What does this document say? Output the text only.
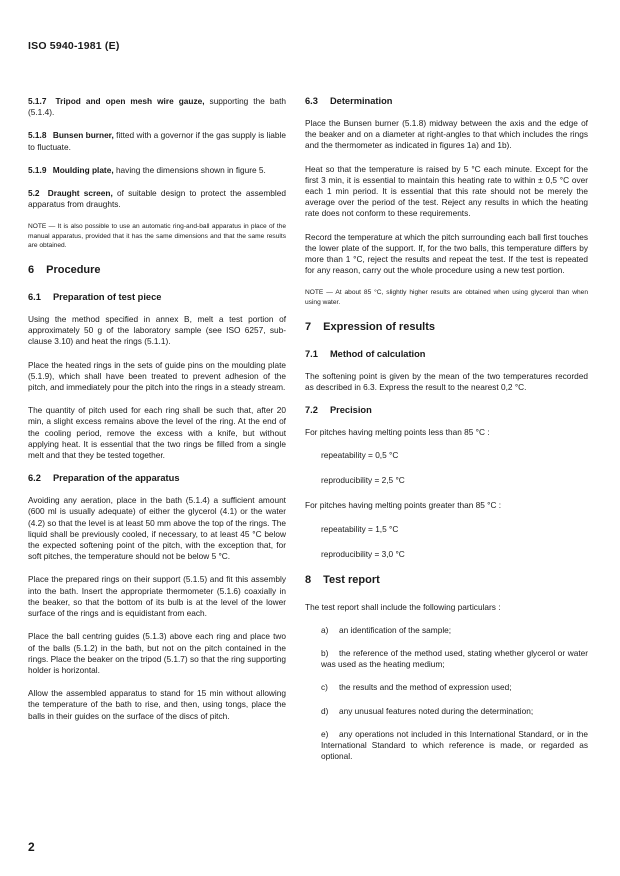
ISO 5940-1981 (E)

5.1.7 Tripod and open mesh wire gauze, supporting the bath (5.1.4).

5.1.8 Bunsen burner, fitted with a governor if the gas supply is liable to fluctuate.

5.1.9 Moulding plate, having the dimensions shown in figure 5.

5.2 Draught screen, of suitable design to protect the assembled apparatus from draughts.

NOTE — It is also possible to use an automatic ring-and-ball apparatus in place of the manual apparatus, provided that it has the same dimensions and that the same results are obtained.

6 Procedure
6.1 Preparation of test piece

Using the method specified in annex B, melt a test portion of approximately 50 g of the laboratory sample (see ISO 6257, sub-clause 3.10) and heat the rings (5.1.1).

Place the heated rings in the sets of guide pins on the moulding plate (5.1.9), which shall have been treated to prevent adhesion of the pitch, and immediately pour the pitch into the rings in a steady stream.

The quantity of pitch used for each ring shall be such that, after 20 min, a slight excess remains above the level of the ring. At the end of the cooling period, remove the excess with a knife, but without applying heat. It is essential that the two rings be filled from a single melt and that they be tested together.

6.2 Preparation of the apparatus

Avoiding any aeration, place in the bath (5.1.4) a sufficient amount (600 ml is usually adequate) of either the glycerol (4.1) or the water (4.2) so that the level is at least 50 mm above the top of the rings. The liquid shall be previously cooled, if necessary, to at least 45 °C below the expected softening point of the pitch, with the exception that, for soft pitches, the temperature should not be below 5 °C.

Place the prepared rings on their support (5.1.5) and fit this assembly into the bath. Insert the appropriate thermometer (5.1.6) coaxially in the beaker, so that the bottom of its bulb is at the level of the lower surface of the rings and is equidistant from each.

Place the ball centring guides (5.1.3) above each ring and place two of the balls (5.1.2) in the bath, but not on the pitch contained in the rings. Place the beaker on the tripod (5.1.7) so that the ring supporting holder is horizontal.

Allow the assembled apparatus to stand for 15 min without allowing the temperature of the bath to rise, and then, using tongs, place the balls in their guides on the surface of the discs of pitch.

6.3 Determination

Place the Bunsen burner (5.1.8) midway between the axis and the edge of the beaker and on a diameter at right-angles to that which includes the rings and the thermometer as indicated in figures 1a) and 1b).

Heat so that the temperature is raised by 5 °C each minute. Except for the first 3 min, it is essential to maintain this heating rate to within ± 0,5 °C over each 1 min period. It is essential that this rate should not be merely the average over the period of the test. Reject any results in which the heating rate does not conform to these requirements.

Record the temperature at which the pitch surrounding each ball first touches the lower plate of the support. If, for the two balls, this temperature differs by more than 1 °C, reject the results and repeat the test. If the test is repeated for any reason, carry out the whole procedure using a new test portion.

NOTE — At about 85 °C, slightly higher results are obtained when using glycerol than when using water.

7 Expression of results
7.1 Method of calculation

The softening point is given by the mean of the two temperatures recorded as described in 6.3. Express the result to the nearest 0,2 °C.

7.2 Precision

For pitches having melting points less than 85 °C :

repeatability = 0,5 °C
reproducibility = 2,5 °C

For pitches having melting points greater than 85 °C :

repeatability = 1,5 °C
reproducibility = 3,0 °C
8 Test report

The test report shall include the following particulars :

a) an identification of the sample;
b) the reference of the method used, stating whether glycerol or water was used as the heating medium;
c) the results and the method of expression used;
d) any unusual features noted during the determination;
e) any operations not included in this International Standard, or in the International Standard to which reference is made, or regarded as optional.
2
